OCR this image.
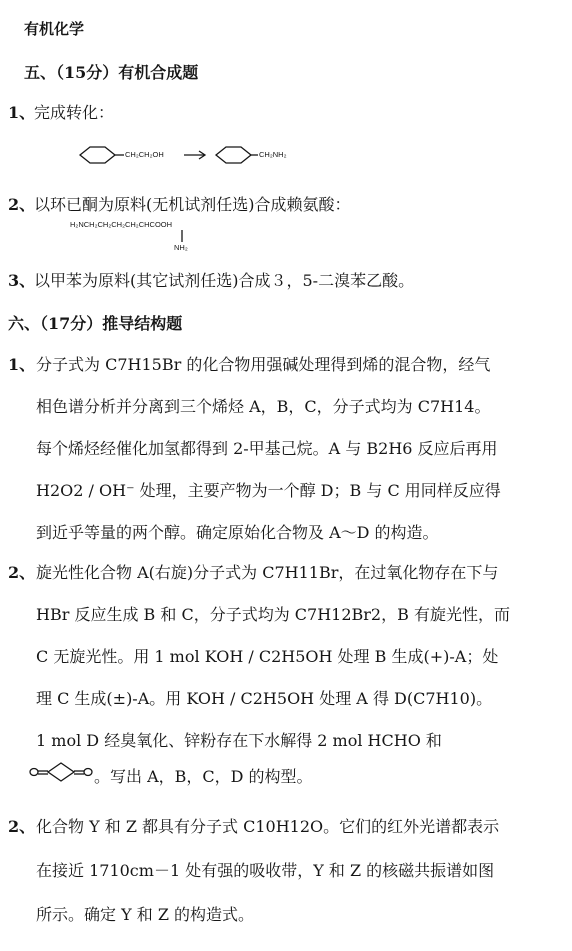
有机化学
五、（15分）有机合成题
1、
完成转化：
CH₂CH₂OH	CH₂NH₂
2、
以环已酮为原料(无机试剂任选)合成赖氨酸：
H₂NCH₂CH₂CH₂CH₂CHCOOH
NH₂
3、
以甲苯为原料(其它试剂任选)合成３，5-二溴苯乙酸。
六、（17分）推导结构题
1、 分子式为 C7H15Br 的化合物用强碱处理得到烯的混合物，经气
相色谱分析并分离到三个烯烃 A，B，C，分子式均为 C7H14。
每个烯烃经催化加氢都得到 2-甲基己烷。A 与 B2H6 反应后再用
H2O2 / OH⁻ 处理，主要产物为一个醇 D；B 与 C 用同样反应得
到近乎等量的两个醇。确定原始化合物及 A～D 的构造。
2、 旋光性化合物 A(右旋)分子式为 C7H11Br，在过氧化物存在下与
HBr 反应生成 B 和 C，分子式均为 C7H12Br2，B 有旋光性，而
C 无旋光性。用 1 mol KOH / C2H5OH 处理 B 生成(+)-A；处
理 C 生成(±)-A。用 KOH / C2H5OH 处理 A 得 D(C7H10)。
1 mol D 经臭氧化、锌粉存在下水解得 2 mol HCHO 和
。写出 A，B，C，D 的构型。
2、 化合物 Y 和 Z 都具有分子式 C10H12O。它们的红外光谱都表示
在接近 1710cm－1 处有强的吸收带，Y 和 Z 的核磁共振谱如图
所示。确定 Y 和 Z 的构造式。
